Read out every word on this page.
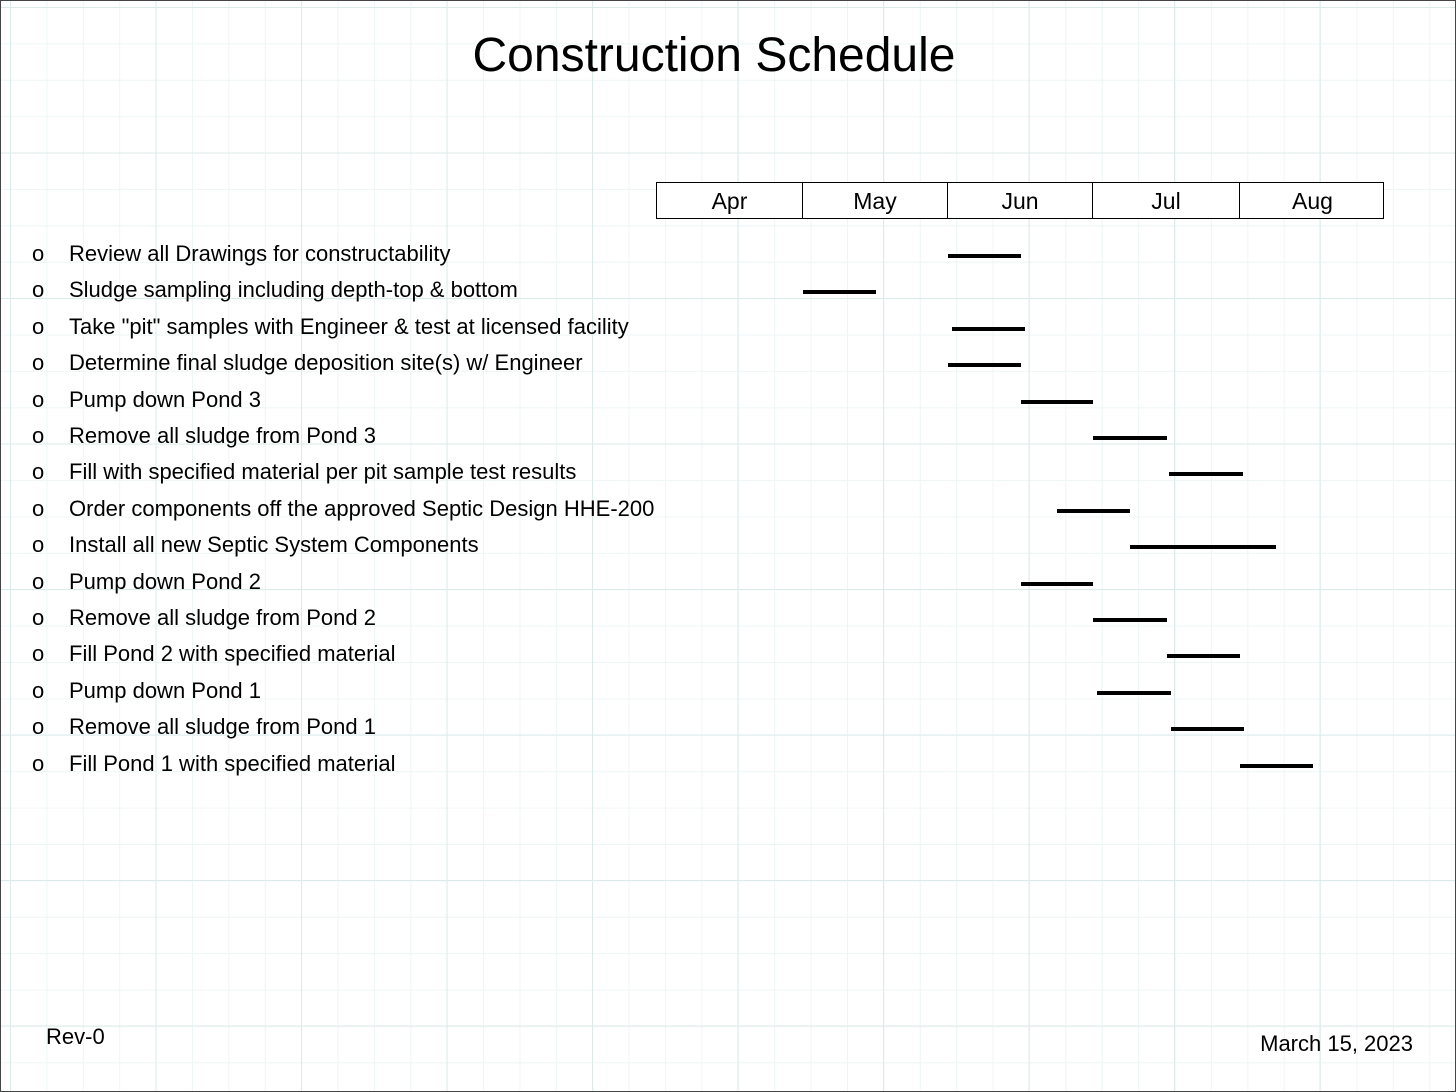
Construction Schedule
Apr	May	Jun	Jul	Aug
o	Review all Drawings for constructability
o	Sludge sampling including depth-top & bottom
o	Take "pit" samples with Engineer & test at licensed facility
o	Determine final sludge deposition site(s) w/ Engineer
o	Pump down Pond 3
o	Remove all sludge from Pond 3
o	Fill with specified material per pit sample test results
o	Order components off the approved Septic Design HHE-200
o	Install all new Septic System Components
o	Pump down Pond 2
o	Remove all sludge from Pond 2
o	Fill Pond 2 with specified material
o	Pump down Pond 1
o	Remove all sludge from Pond 1
o	Fill Pond 1 with specified material
Rev-0	March 15, 2023
